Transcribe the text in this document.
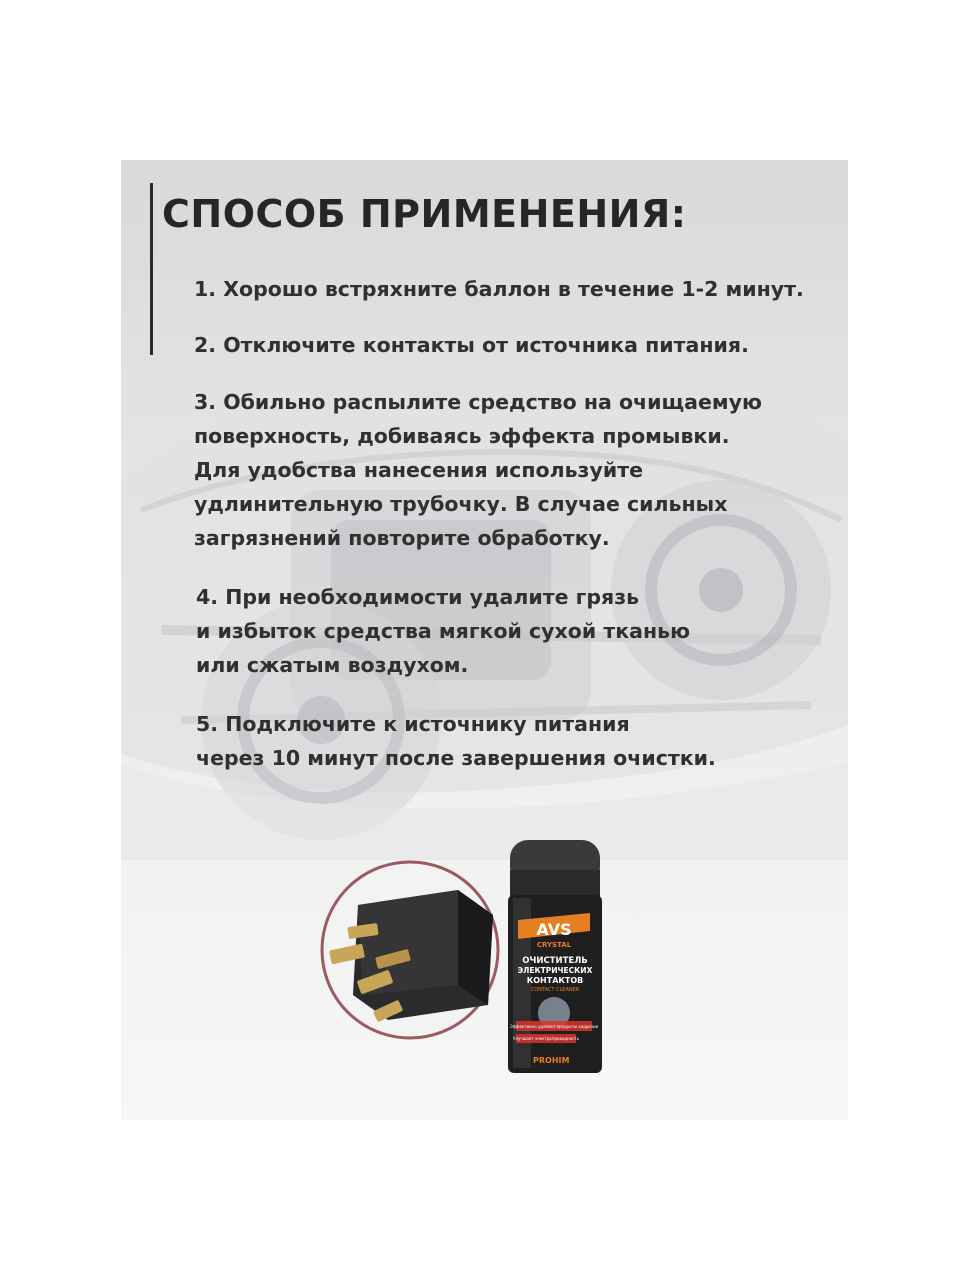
СПОСОБ ПРИМЕНЕНИЯ:
1. Хорошо встряхните баллон в течение 1-2 минут.
2. Отключите контакты от источника питания.
3. Обильно распылите средство на очищаемую
поверхность, добиваясь эффекта промывки.
Для удобства нанесения используйте
удлинительную трубочку. В случае сильных
загрязнений повторите обработку.
4. При необходимости удалите грязь
и избыток средства мягкой сухой тканью
или сжатым воздухом.
5. Подключите к источнику питания
через 10 минут после завершения очистки.
AVS
CRYSTAL
ОЧИСТИТЕЛЬ
ЭЛЕКТРИЧЕСКИХ
КОНТАКТОВ
CONTACT CLEANER
Эффективно удаляет продукты коррозии
Улучшает электропроводность
PROHIM
